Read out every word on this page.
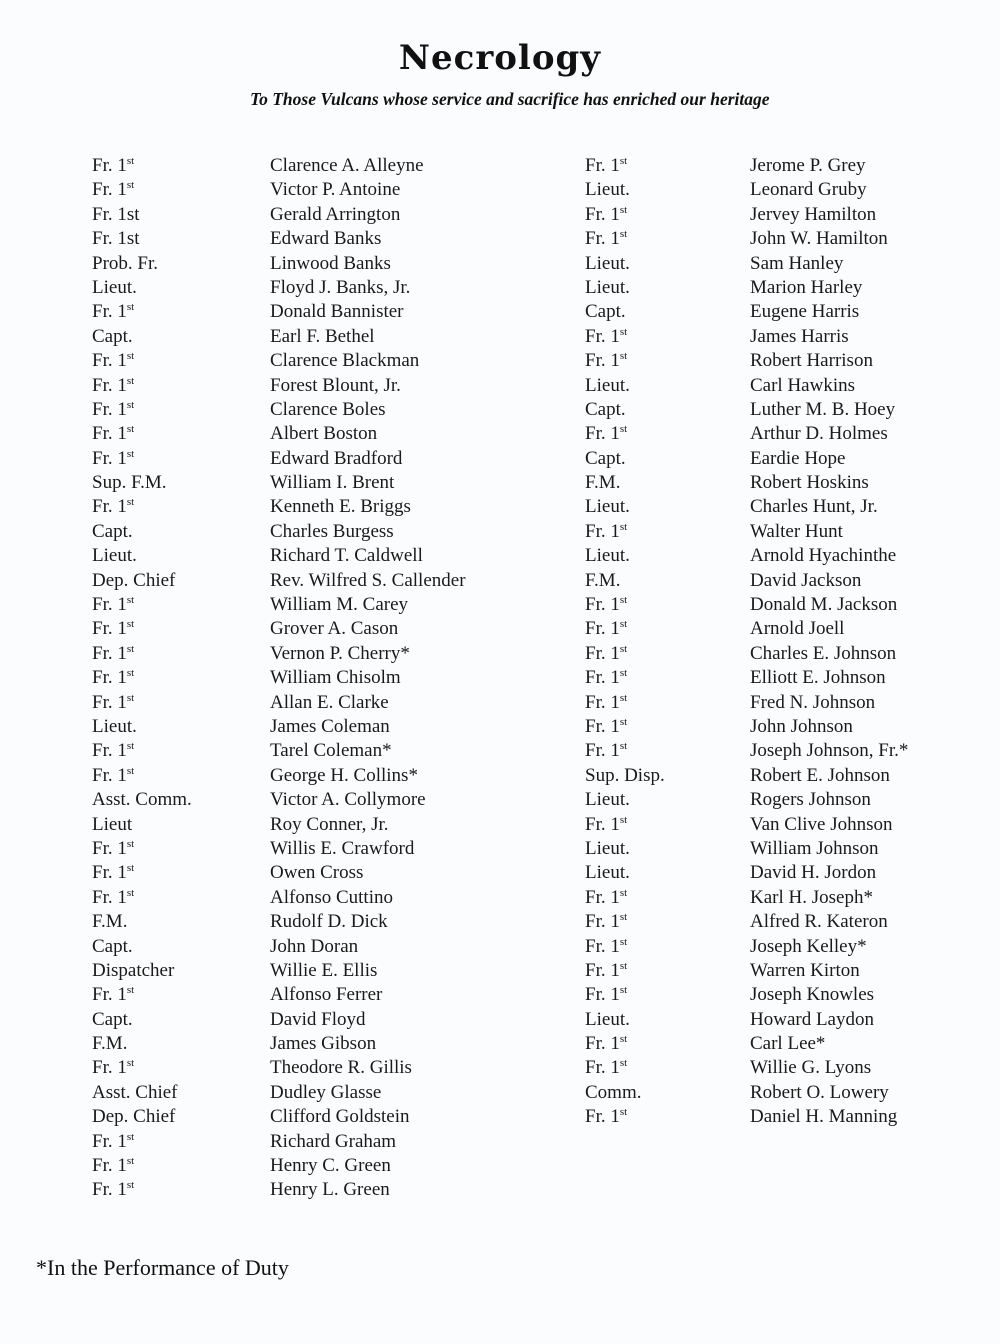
Necrology
To Those Vulcans whose service and sacrifice has enriched our heritage
Fr. 1st	Clarence A. Alleyne
Fr. 1st	Victor P. Antoine
Fr. 1st	Gerald Arrington
Fr. 1st	Edward Banks
Prob. Fr.	Linwood Banks
Lieut.	Floyd J. Banks, Jr.
Fr. 1st	Donald Bannister
Capt.	Earl F. Bethel
Fr. 1st	Clarence Blackman
Fr. 1st	Forest Blount, Jr.
Fr. 1st	Clarence Boles
Fr. 1st	Albert Boston
Fr. 1st	Edward Bradford
Sup. F.M.	William I. Brent
Fr. 1st	Kenneth E. Briggs
Capt.	Charles Burgess
Lieut.	Richard T. Caldwell
Dep. Chief	Rev. Wilfred S. Callender
Fr. 1st	William M. Carey
Fr. 1st	Grover A. Cason
Fr. 1st	Vernon P. Cherry*
Fr. 1st	William Chisolm
Fr. 1st	Allan E. Clarke
Lieut.	James Coleman
Fr. 1st	Tarel Coleman*
Fr. 1st	George H. Collins*
Asst. Comm.	Victor A. Collymore
Lieut	Roy Conner, Jr.
Fr. 1st	Willis E. Crawford
Fr. 1st	Owen Cross
Fr. 1st	Alfonso Cuttino
F.M.	Rudolf D. Dick
Capt.	John Doran
Dispatcher	Willie E. Ellis
Fr. 1st	Alfonso Ferrer
Capt.	David Floyd
F.M.	James Gibson
Fr. 1st	Theodore R. Gillis
Asst. Chief	Dudley Glasse
Dep. Chief	Clifford Goldstein
Fr. 1st	Richard Graham
Fr. 1st	Henry C. Green
Fr. 1st	Henry L. Green
Fr. 1st	Jerome P. Grey
Lieut.	Leonard Gruby
Fr. 1st	Jervey Hamilton
Fr. 1st	John W. Hamilton
Lieut.	Sam Hanley
Lieut.	Marion Harley
Capt.	Eugene Harris
Fr. 1st	James Harris
Fr. 1st	Robert Harrison
Lieut.	Carl Hawkins
Capt.	Luther M. B. Hoey
Fr. 1st	Arthur D. Holmes
Capt.	Eardie Hope
F.M.	Robert Hoskins
Lieut.	Charles Hunt, Jr.
Fr. 1st	Walter Hunt
Lieut.	Arnold Hyachinthe
F.M.	David Jackson
Fr. 1st	Donald M. Jackson
Fr. 1st	Arnold Joell
Fr. 1st	Charles E. Johnson
Fr. 1st	Elliott E. Johnson
Fr. 1st	Fred N. Johnson
Fr. 1st	John Johnson
Fr. 1st	Joseph Johnson, Fr.*
Sup. Disp.	Robert E. Johnson
Lieut.	Rogers Johnson
Fr. 1st	Van Clive Johnson
Lieut.	William Johnson
Lieut.	David H. Jordon
Fr. 1st	Karl H. Joseph*
Fr. 1st	Alfred R. Kateron
Fr. 1st	Joseph Kelley*
Fr. 1st	Warren Kirton
Fr. 1st	Joseph Knowles
Lieut.	Howard Laydon
Fr. 1st	Carl Lee*
Fr. 1st	Willie G. Lyons
Comm.	Robert O. Lowery
Fr. 1st	Daniel H. Manning
*In the Performance of Duty
